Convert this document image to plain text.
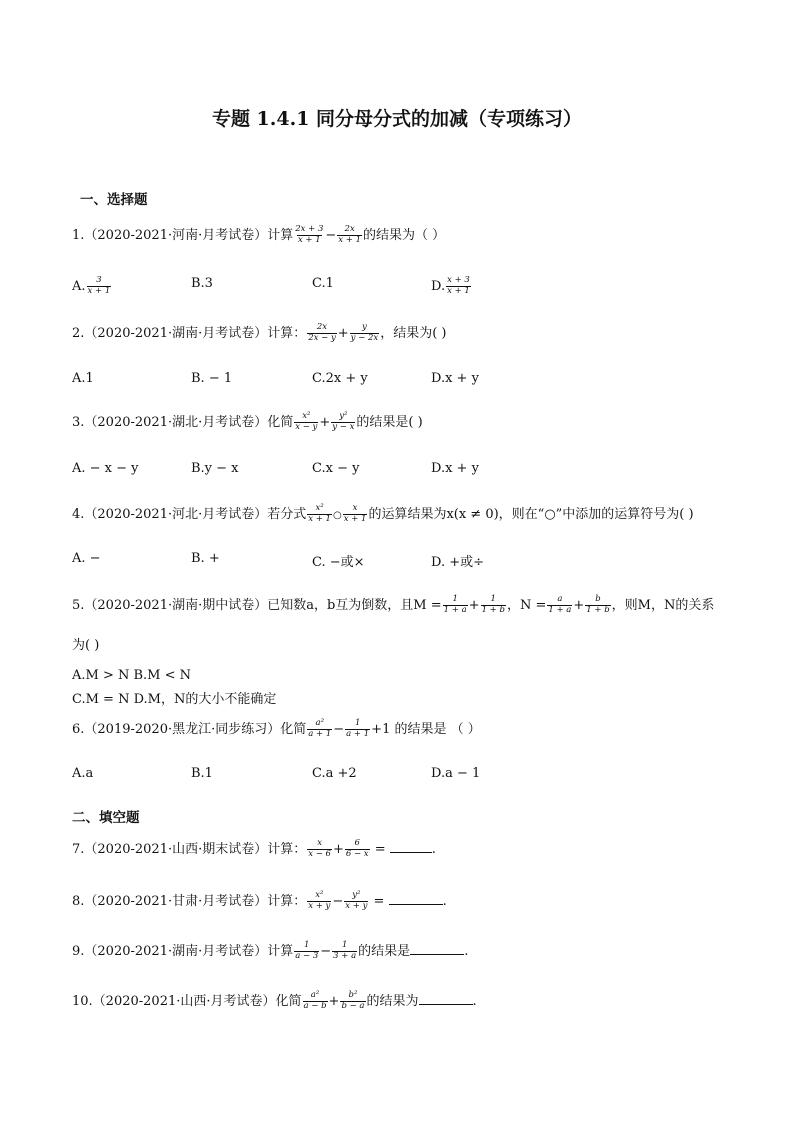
专题 1.4.1 同分母分式的加减（专项练习）
一、选择题
1.（2020-2021·河南·月考试卷）计算 $\frac{2x + 3}{x + 1} - \frac{2x}{x + 1}$ 的结果为（ ）
A. $\frac{3}{x + 1}$	B.3	C.1	D. $\frac{x + 3}{x + 1}$
2.（2020-2021·湖南·月考试卷）计算： $\frac{2x}{2x - y} + \frac{y}{y - 2x}$ ，结果为( )
A.1	B. − 1	C.2x + y	D.x + y
3.（2020-2021·湖北·月考试卷）化简 $\frac{\text{x²}}{x - y} + \frac{\text{y²}}{y - x}$ 的结果是( )
A. − x − y	B.y − x	C.x − y	D.x + y
4.（2020-2021·河北·月考试卷）若分式 $\frac{\text{x²}}{x + 1}$ ○ $\frac{x}{x + 1}$ 的运算结果为x(x ≠ 0)，则在“○”中添加的运算符号为( )
A. −	B. +	C. −或×	D. +或÷
5.（2020-2021·湖南·期中试卷）已知数a，b互为倒数，且$M = \frac{1}{1 + a} + \frac{1}{1 + b}$ ，$N = \frac{a}{1 + a} + \frac{b}{1 + b}$ ，则M，N的关系
为( )
A.M > N B.M < N
C.M = N D.M，N的大小不能确定
6.（2019-2020·黑龙江·同步练习）化简 $\frac{\text{a²}}{a + 1} - \frac{1}{a + 1} +1$ 的结果是 （ ）
A.a	B.1	C.a +2	D.a − 1
二、填空题
7.（2020-2021·山西·期末试卷）计算： $\frac{x}{x - 6} + \frac{6}{6 - x}$ =	.
8.（2020-2021·甘肃·月考试卷）计算： $\frac{\text{x²}}{x + y} - \frac{\text{y²}}{x + y}$ =	.
9.（2020-2021·湖南·月考试卷）计算 $\frac{1}{a - 3} - \frac{1}{3 + a}$ 的结果是	.
10.（2020-2021·山西·月考试卷）化简 $\frac{\text{a²}}{a - b} + \frac{\text{b²}}{b - a}$ 的结果为	.
